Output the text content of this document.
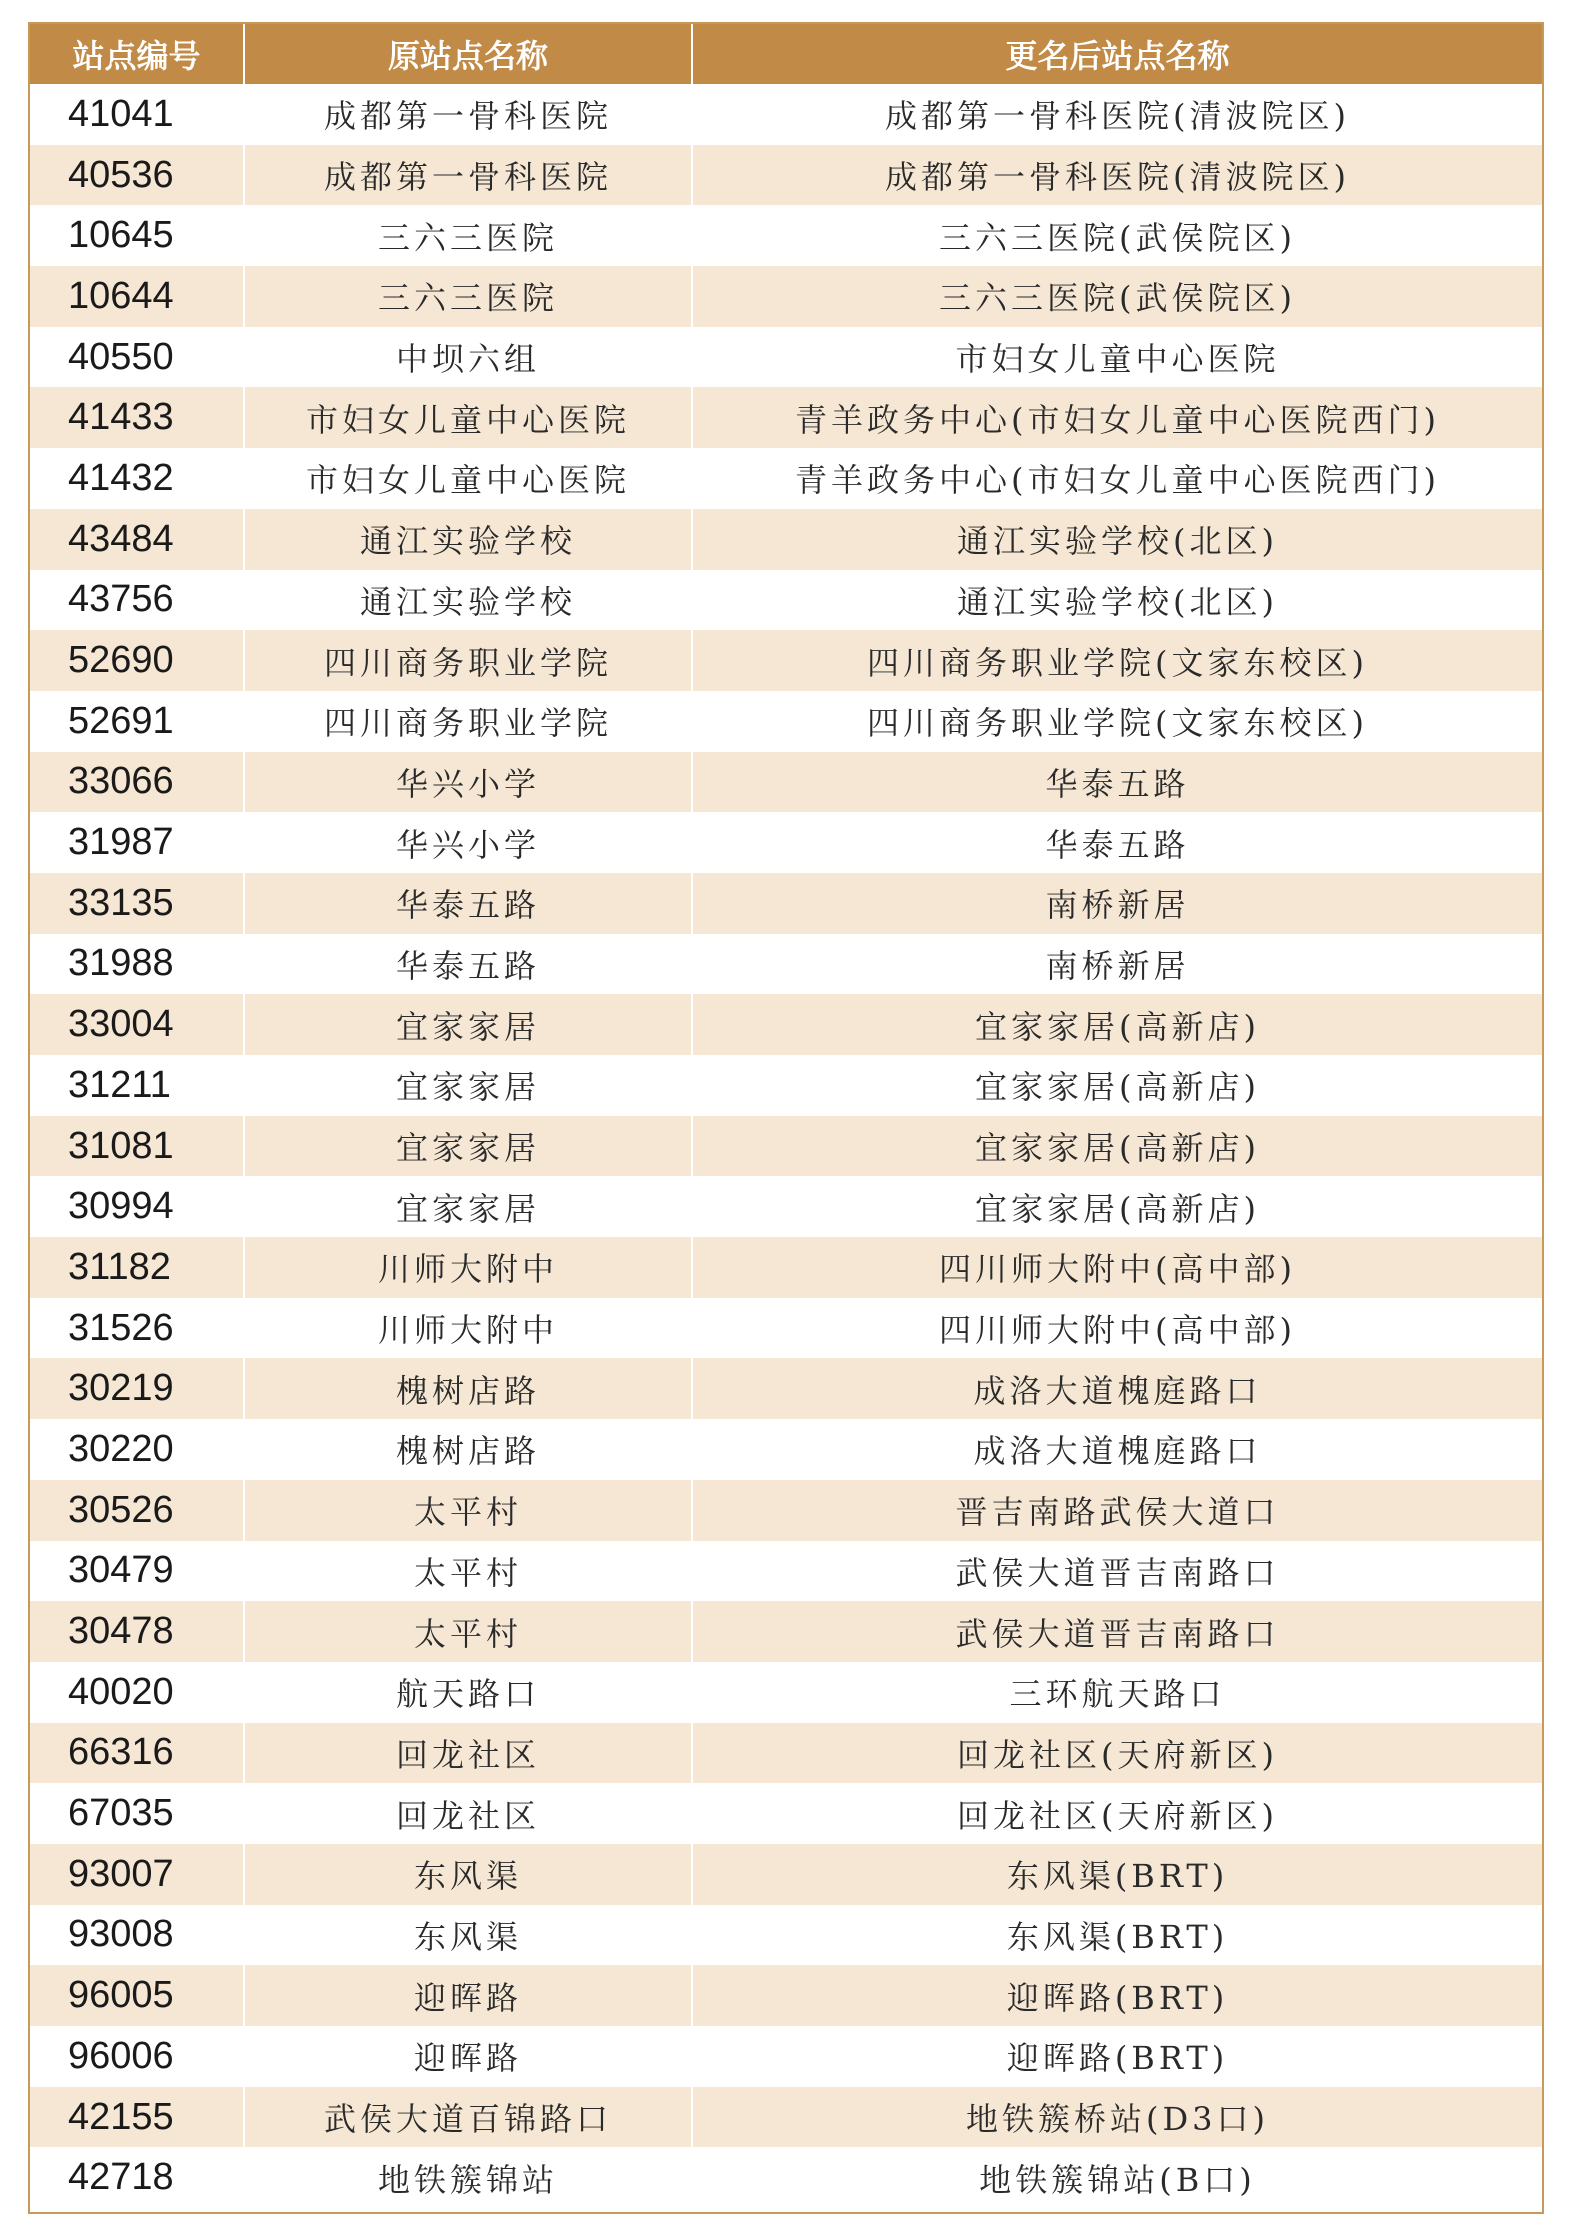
站点编号	原站点名称	更名后站点名称
41041	成都第一骨科医院	成都第一骨科医院(清波院区)
40536	成都第一骨科医院	成都第一骨科医院(清波院区)
10645	三六三医院	三六三医院(武侯院区)
10644	三六三医院	三六三医院(武侯院区)
40550	中坝六组	市妇女儿童中心医院
41433	市妇女儿童中心医院	青羊政务中心(市妇女儿童中心医院西门)
41432	市妇女儿童中心医院	青羊政务中心(市妇女儿童中心医院西门)
43484	通江实验学校	通江实验学校(北区)
43756	通江实验学校	通江实验学校(北区)
52690	四川商务职业学院	四川商务职业学院(文家东校区)
52691	四川商务职业学院	四川商务职业学院(文家东校区)
33066	华兴小学	华泰五路
31987	华兴小学	华泰五路
33135	华泰五路	南桥新居
31988	华泰五路	南桥新居
33004	宜家家居	宜家家居(高新店)
31211	宜家家居	宜家家居(高新店)
31081	宜家家居	宜家家居(高新店)
30994	宜家家居	宜家家居(高新店)
31182	川师大附中	四川师大附中(高中部)
31526	川师大附中	四川师大附中(高中部)
30219	槐树店路	成洛大道槐庭路口
30220	槐树店路	成洛大道槐庭路口
30526	太平村	晋吉南路武侯大道口
30479	太平村	武侯大道晋吉南路口
30478	太平村	武侯大道晋吉南路口
40020	航天路口	三环航天路口
66316	回龙社区	回龙社区(天府新区)
67035	回龙社区	回龙社区(天府新区)
93007	东风渠	东风渠(BRT)
93008	东风渠	东风渠(BRT)
96005	迎晖路	迎晖路(BRT)
96006	迎晖路	迎晖路(BRT)
42155	武侯大道百锦路口	地铁簇桥站(D3口)
42718	地铁簇锦站	地铁簇锦站(B口)
